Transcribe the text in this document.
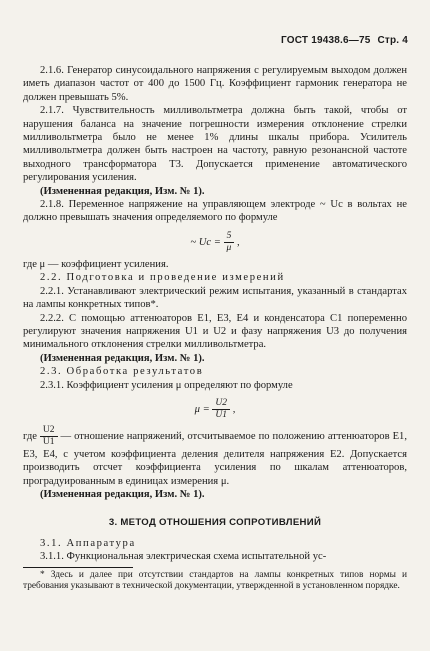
ГОСТ 19438.6—75 Стр. 4

2.1.6. Генератор синусоидального напряжения с регулируемым выходом должен иметь диапазон частот от 400 до 1500 Гц. Коэффициент гармоник генератора не должен превышать 5%.

2.1.7. Чувствительность милливольтметра должна быть такой, чтобы от нарушения баланса на значение погрешности измерения отклонение стрелки милливольтметра было не менее 1% длины шкалы прибора. Усилитель милливольтметра должен быть настроен на частоту, равную резонансной частоте выходного трансформатора Т3. Допускается применение автоматического регулирования усиления.

(Измененная редакция, Изм. № 1).

2.1.8. Переменное напряжение на управляющем электроде ~ Uc в вольтах не должно превышать значения определяемого по формуле

~ $Uc = \frac{5}{\mu}$ ,

где μ — коэффициент усиления.

2.2. Подготовка и проведение измерений

2.2.1. Устанавливают электрический режим испытания, указанный в стандартах на лампы конкретных типов*.

2.2.2. С помощью аттенюаторов Е1, Е3, Е4 и конденсатора С1 попеременно регулируют значения напряжения U1 и U2 и фазу напряжения U3 до получения минимального отклонения стрелки милливольтметра.

(Измененная редакция, Изм. № 1).

2.3. Обработка результатов

2.3.1. Коэффициент усиления μ определяют по формуле

$\mu = \frac{U2}{U1}$ ,

где $\frac{U2}{U1}$ — отношение напряжений, отсчитываемое по положению аттенюаторов Е1, Е3, Е4, с учетом коэффициента деления делителя напряжения Е2. Допускается производить отсчет коэффициента усиления по шкалам аттенюаторов, проградуированным в единицах измерения μ.

(Измененная редакция, Изм. № 1).

3. МЕТОД ОТНОШЕНИЯ СОПРОТИВЛЕНИЙ

3.1. Аппаратура

3.1.1. Функциональная электрическая схема испытательной ус-

* Здесь и далее при отсутствии стандартов на лампы конкретных типов нормы и требования указывают в технической документации, утвержденной в установленном порядке.
